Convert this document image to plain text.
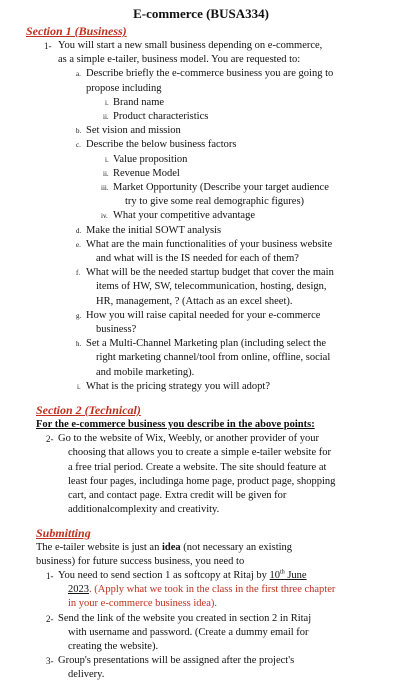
E-commerce (BUSA334)
Section 1 (Business)
1- You will start a new small business depending on e-commerce,
as a simple e-tailer, business model. You are requested to:
a. Describe briefly the e-commerce business you are going to
propose including
i. Brand name
ii. Product characteristics
b. Set vision and mission
c. Describe the below business factors
i. Value proposition
ii. Revenue Model
iii. Market Opportunity (Describe your target audience
try to give some real demographic figures)
iv. What your competitive advantage
d. Make the initial SOWT analysis
e. What are the main functionalities of your business website
and what will is the IS needed for each of them?
f. What will be the needed startup budget that cover the main
items of HW, SW, telecommunication, hosting, design,
HR, management, ? (Attach as an excel sheet).
g. How you will raise capital needed for your e-commerce
business?
h. Set a Multi-Channel Marketing plan (including select the
right marketing channel/tool from online, offline, social
and mobile marketing).
i. What is the pricing strategy you will adopt?
Section 2 (Technical)
For the e-commerce business you describe in the above points:
2- Go to the website of Wix, Weebly, or another provider of your
choosing that allows you to create a simple e-tailer website for
a free trial period. Create a website. The site should feature at
least four pages, includinga home page, product page, shopping
cart, and contact page. Extra credit will be given for
additionalcomplexity and creativity.
Submitting
The e-tailer website is just an idea (not necessary an existing
business) for future success business, you need to
1- You need to send section 1 as softcopy at Ritaj by 10th June
2023. (Apply what we took in the class in the first three chapter
in your e-commerce business idea).
2- Send the link of the website you created in section 2 in Ritaj
with username and password. (Create a dummy email for
creating the website).
3- Group's presentations will be assigned after the project's
delivery.
